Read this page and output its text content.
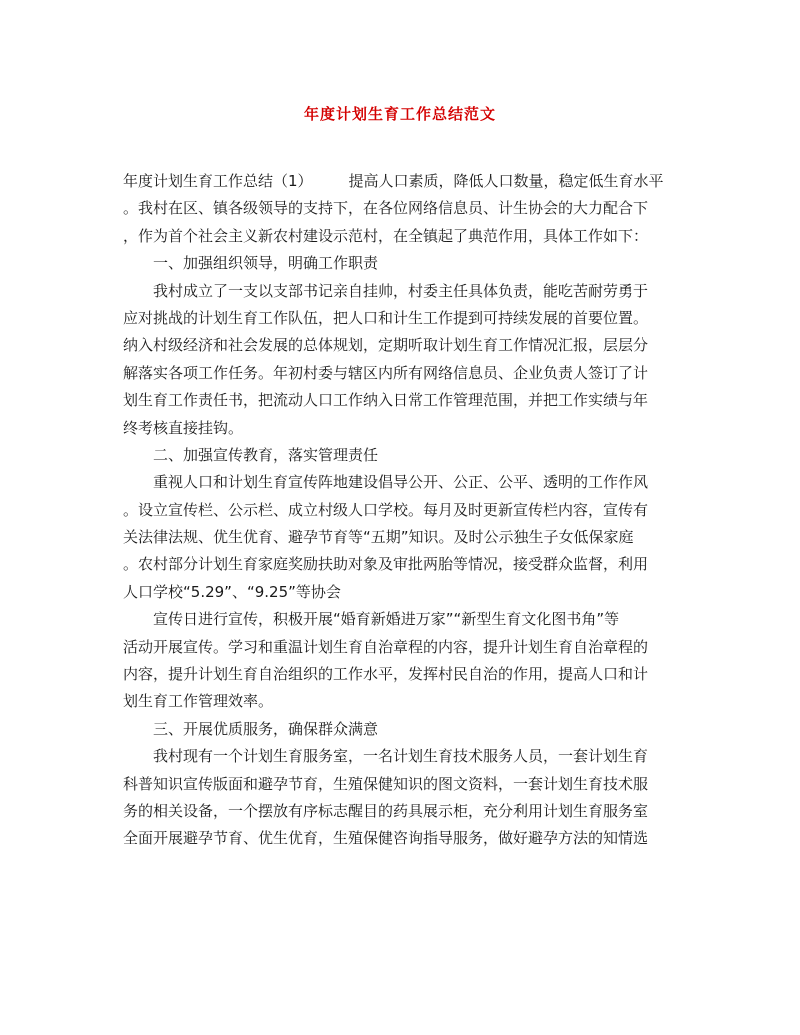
年度计划生育工作总结范文
年度计划生育工作总结（1） 提高人口素质，降低人口数量，稳定低生育水平
。我村在区、镇各级领导的支持下，在各位网络信息员、计生协会的大力配合下
，作为首个社会主义新农村建设示范村，在全镇起了典范作用，具体工作如下：
一、加强组织领导，明确工作职责
我村成立了一支以支部书记亲自挂帅，村委主任具体负责，能吃苦耐劳勇于
应对挑战的计划生育工作队伍，把人口和计生工作提到可持续发展的首要位置。
纳入村级经济和社会发展的总体规划，定期听取计划生育工作情况汇报，层层分
解落实各项工作任务。年初村委与辖区内所有网络信息员、企业负责人签订了计
划生育工作责任书，把流动人口工作纳入日常工作管理范围，并把工作实绩与年
终考核直接挂钩。
二、加强宣传教育，落实管理责任
重视人口和计划生育宣传阵地建设倡导公开、公正、公平、透明的工作作风
。设立宣传栏、公示栏、成立村级人口学校。每月及时更新宣传栏内容，宣传有
关法律法规、优生优育、避孕节育等“五期”知识。及时公示独生子女低保家庭
。农村部分计划生育家庭奖励扶助对象及审批两胎等情况，接受群众监督，利用
人口学校“5.29”、“9.25”等协会
宣传日进行宣传，积极开展“婚育新婚进万家”“新型生育文化图书角”等
活动开展宣传。学习和重温计划生育自治章程的内容，提升计划生育自治章程的
内容，提升计划生育自治组织的工作水平，发挥村民自治的作用，提高人口和计
划生育工作管理效率。
三、开展优质服务，确保群众满意
我村现有一个计划生育服务室，一名计划生育技术服务人员，一套计划生育
科普知识宣传版面和避孕节育，生殖保健知识的图文资料，一套计划生育技术服
务的相关设备，一个摆放有序标志醒目的药具展示柜，充分利用计划生育服务室
全面开展避孕节育、优生优育，生殖保健咨询指导服务，做好避孕方法的知情选
